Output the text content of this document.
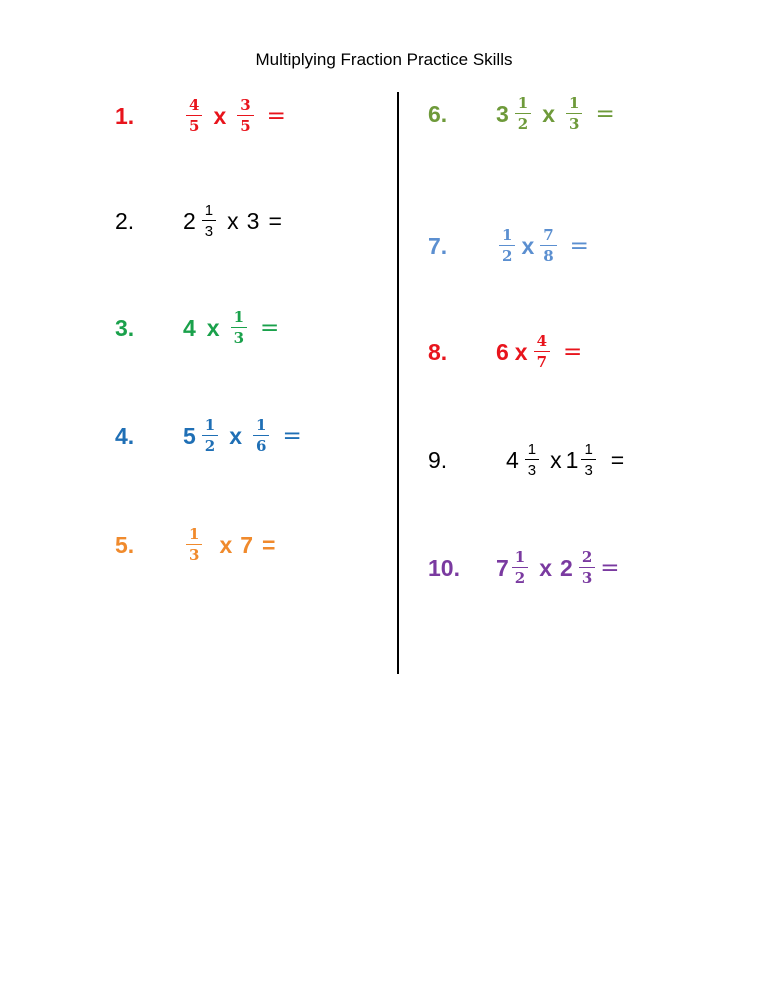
Multiplying Fraction Practice Skills
1.	$\frac{4}{5}$ x $\frac{3}{5}$ =
2.	$2 \frac{1}{3}$ x 3 =
3.	4 x $\frac{1}{3}$ =
4.	$5 \frac{1}{2}$ x $\frac{1}{6}$ =
5.	$\frac{1}{3}$ x 7 =
6.	$3 \frac{1}{2}$ x $\frac{1}{3}$ =
7.	$\frac{1}{2}$ x $\frac{7}{8}$ =
8.	6 x $\frac{4}{7}$ =
9.	$4 \frac{1}{3}$ x $1 \frac{1}{3}$ =
10.	$7 \frac{1}{2}$ x $2 \frac{2}{3}$ =
